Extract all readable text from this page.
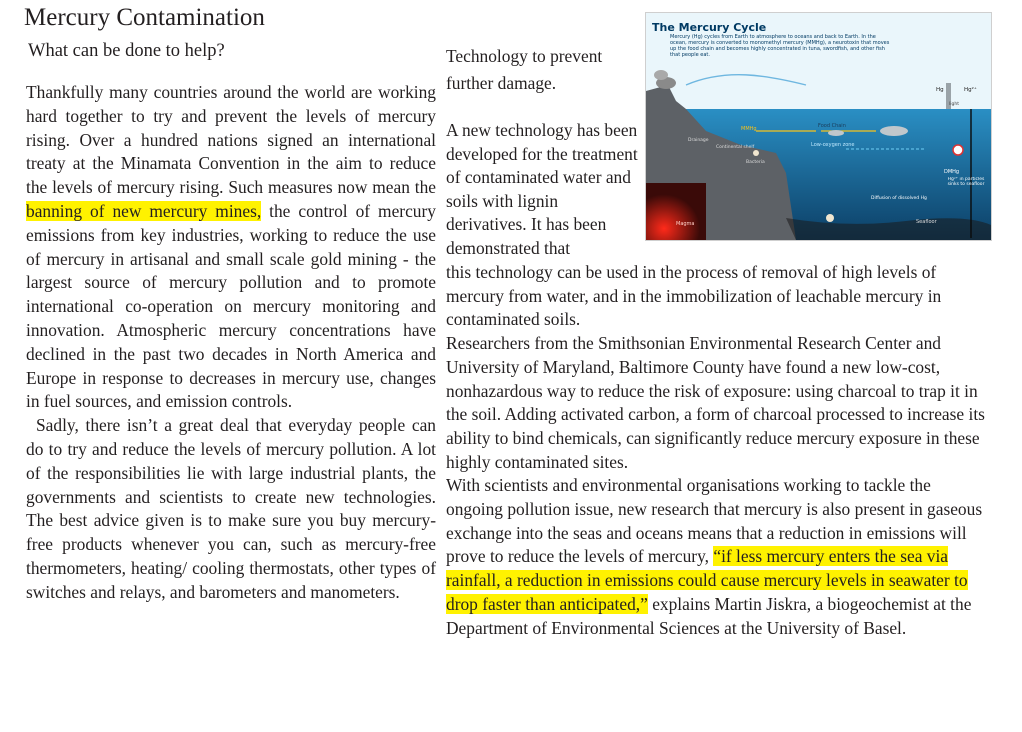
Mercury Contamination
What can be done to help?

Thankfully many countries around the world are working hard together to try and prevent the levels of mercury rising. Over a hundred nations signed an international treaty at the Minamata Convention in the aim to reduce the levels of mercury rising. Such measures now mean the banning of new mercury mines, the control of mercury emissions from key industries, working to reduce the use of mercury in artisanal and small scale gold mining - the largest source of mercury pollution and to promote international co-operation on mercury monitoring and innovation. Atmospheric mercury concentrations have declined in the past two decades in North America and Europe in response to decreases in mercury use, changes in fuel sources, and emission controls.

Sadly, there isn’t a great deal that everyday people can do to try and reduce the levels of mercury pollution. A lot of the responsibilities lie with large industrial plants, the governments and scientists to create new technologies. The best advice given is to make sure you buy mercury-free products whenever you can, such as mercury-free thermometers, heating/ cooling thermostats, other types of switches and relays, and barometers and manometers.

Technology to prevent further damage.

A new technology has been developed for the treatment of contaminated water and soils with lignin derivatives. It has been demonstrated that

this technology can be used in the process of removal of high levels of mercury from water, and in the immobilization of leachable mercury in contaminated soils.

Researchers from the Smithsonian Environmental Research Center and University of Maryland, Baltimore County have found a new low-cost, nonhazardous way to reduce the risk of exposure: using charcoal to trap it in the soil. Adding activated carbon, a form of charcoal processed to increase its ability to bind chemicals, can significantly reduce mercury exposure in these highly contaminated sites.

With scientists and environmental organisations working to tackle the ongoing pollution issue, new research that mercury is also present in gaseous exchange into the seas and oceans means that a reduction in emissions will prove to reduce the levels of mercury, “if less mercury enters the sea via rainfall, a reduction in emissions could cause mercury levels in seawater to drop faster than anticipated,” explains Martin Jiskra, a biogeochemist at the Department of Environmental Sciences at the University of Basel.

The Mercury Cycle
Mercury (Hg) cycles from Earth to atmosphere to oceans and back to Earth. In the ocean, mercury is converted to monomethyl mercury (MMHg), a neurotoxin that moves up the food chain and becomes highly concentrated in tuna, swordfish, and other fish that people eat.
Hg	Hg²⁺
light
Food Chain
Low-oxygen zone
MMHg
DMHg
Bacteria
Continental shelf
Diffusion of dissolved Hg
Seafloor
Magma
Drainage
Hg²⁺ in particles sinks to seafloor
